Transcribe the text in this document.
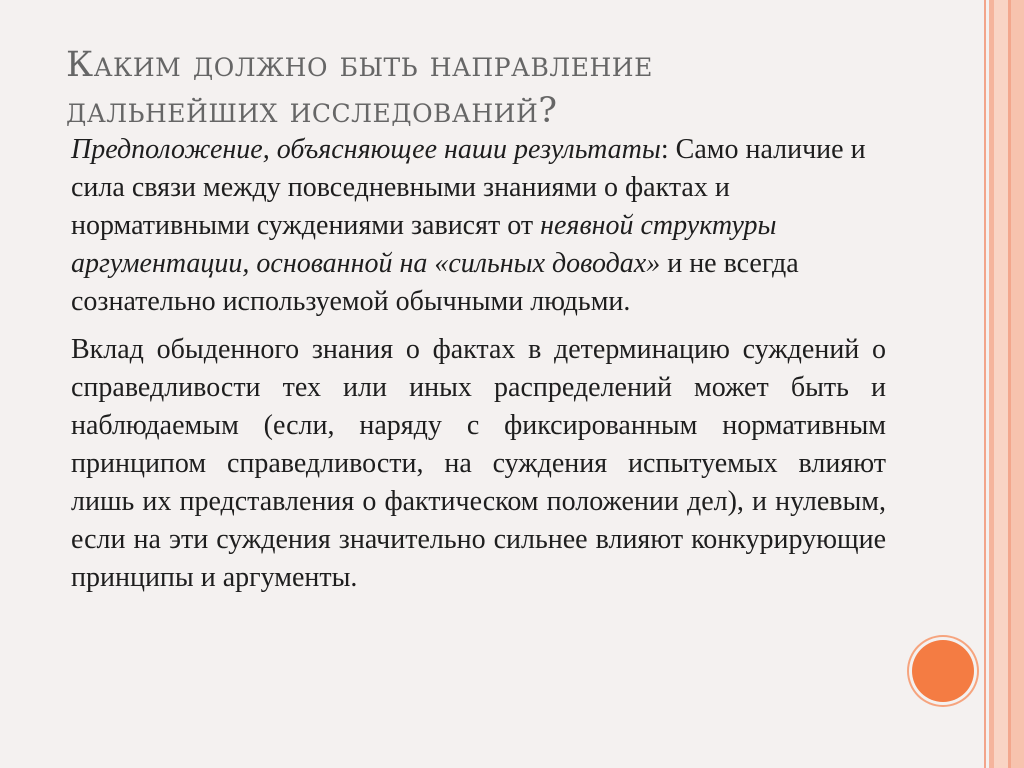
Каким должно быть направление
дальнейших исследований?

Предположение, объясняющее наши результаты: Само наличие и сила связи между повседневными знаниями о фактах и нормативными суждениями зависят от неявной структуры аргументации, основанной на «сильных доводах» и не всегда сознательно используемой обычными людьми.

Вклад обыденного знания о фактах в детерминацию суждений о справедливости тех или иных распределений может быть и наблюдаемым (если, наряду с фиксированным нормативным принципом справедливости, на суждения испытуемых влияют лишь их представления о фактическом положении дел), и нулевым, если на эти суждения значительно сильнее влияют конкурирующие принципы и аргументы.
